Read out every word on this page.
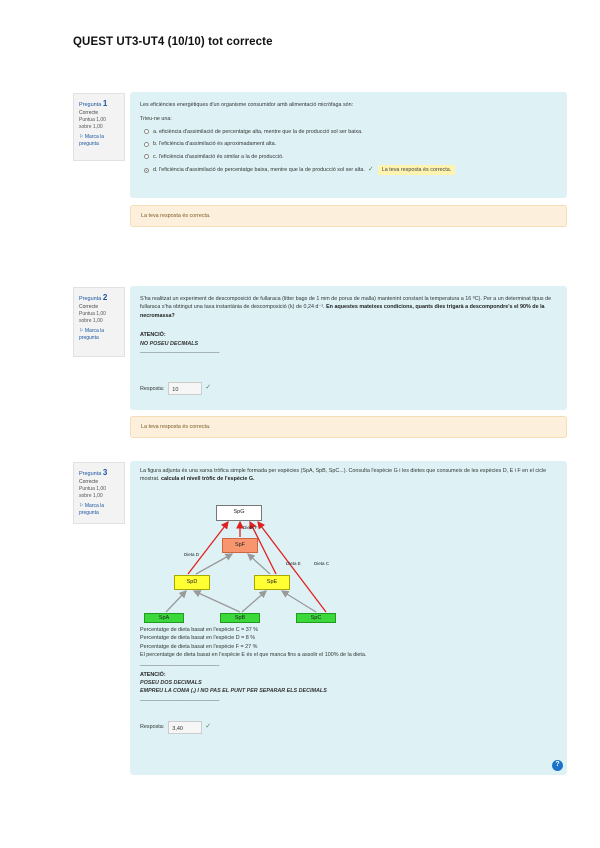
QUEST UT3-UT4 (10/10) tot correcte
Pregunta 1
Correcte
Puntua 1,00 sobre 1,00
⚐ Marca la pregunta
Les eficiències energètiques d'un organisme consumidor amb alimentació micròfaga són:
Trieu-ne una:
a.
eficiència d'assimilació de percentatge alta, mentre que la de producció sol ser baixa.
b.
l'eficiència d'assimilació és aproximadament alta.
c.
l'eficiència d'assimilació és similar a la de producció.
d.
l'eficiència d'assimilació de percentatge baixa, mentre que la de producció sol ser alta. ✓	La teva resposta és correcta.
La teva resposta és correcta.
Pregunta 2
Correcte
Puntua 1,00 sobre 1,00
⚐ Marca la pregunta
S'ha realitzat un experiment de descomposició de fullaraca (litter bags de 1 mm de porus de malla) mantenint constant la temperatura a 16 ºC). Per a un determinat tipus de fullaraca s'ha obtingut una taxa instantània de descomposició (k) de 0,24 d⁻¹. En aquestes mateixes condicions, quants dies trigarà a descompondre's el 90% de la necromassa?
ATENCIÓ:
NO POSEU DECIMALS
-------------------------------------------------------------
Resposta:	10	✓
La teva resposta és correcta.
Pregunta 3
Correcte
Puntua 1,00 sobre 1,00
⚐ Marca la pregunta
La figura adjunta és una xarxa tròfica simple formada per espècies (SpA, SpB, SpC...). Consulta l'espècie G i les dietes que consumeix de les espècies D, E i F en el cicle mostrat. calcula el nivell tròfic de l'espècie G.
SpG
SpF
SpD	SpE
SpA	SpB	SpC
Dieta F
Dieta D
Dieta E	Dieta C
Percentatge de dieta basat en l'espècie C = 37 %
Percentatge de dieta basat en l'espècie D = 8 %
Percentatge de dieta basat en l'espècie F = 27 %
El percentatge de dieta basat en l'espècie E és el que manca fins a assolir el 100% de la dieta.
-------------------------------------------------------------
ATENCIÓ:
POSEU DOS DECIMALS
EMPREU LA COMA (,) I NO PAS EL PUNT PER SEPARAR ELS DECIMALS
-------------------------------------------------------------
Resposta:	3,40	✓
?
